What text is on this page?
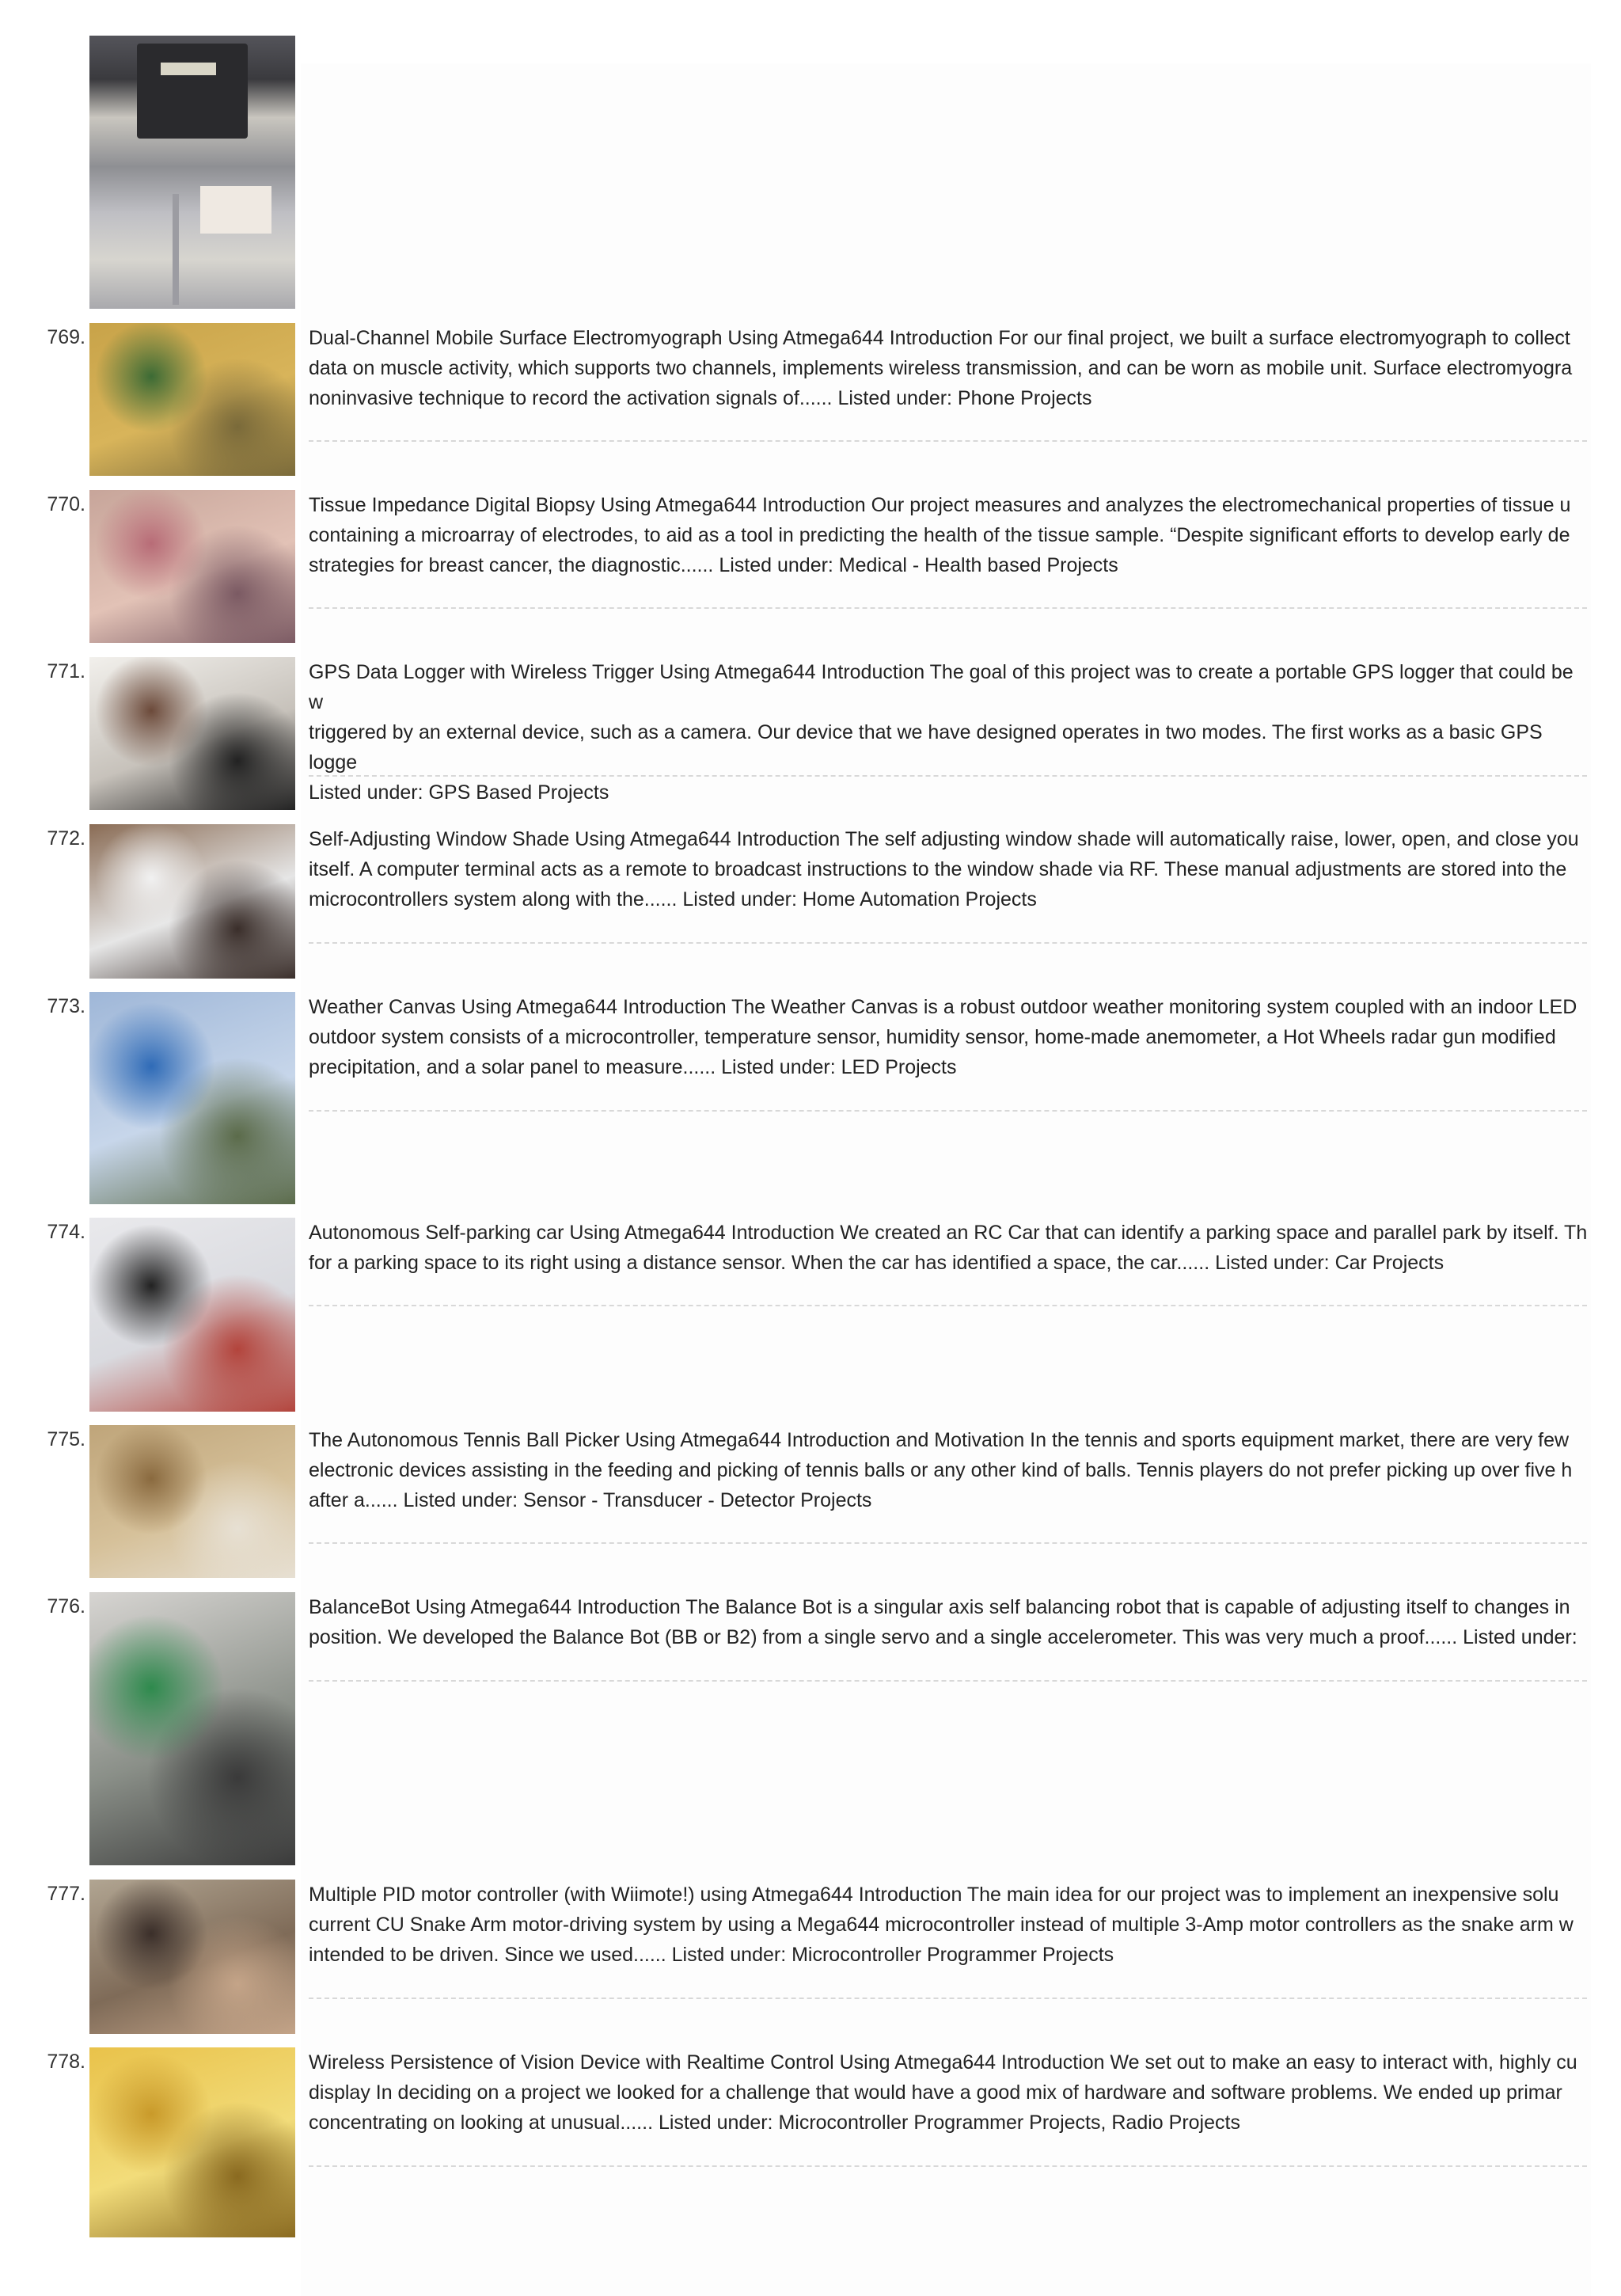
769.	Dual-Channel Mobile Surface Electromyograph Using Atmega644 Introduction For our final project, we built a surface electromyograph to collect
data on muscle activity, which supports two channels, implements wireless transmission, and can be worn as mobile unit. Surface electromyogra
noninvasive technique to record the activation signals of...... Listed under: Phone Projects
770.	Tissue Impedance Digital Biopsy Using Atmega644 Introduction Our project measures and analyzes the electromechanical properties of tissue u
containing a microarray of electrodes, to aid as a tool in predicting the health of the tissue sample. “Despite significant efforts to develop early de
strategies for breast cancer, the diagnostic...... Listed under: Medical - Health based Projects
771.	GPS Data Logger with Wireless Trigger Using Atmega644 Introduction The goal of this project was to create a portable GPS logger that could be w
triggered by an external device, such as a camera. Our device that we have designed operates in two modes. The first works as a basic GPS logge
Listed under: GPS Based Projects
772.	Self-Adjusting Window Shade Using Atmega644 Introduction The self adjusting window shade will automatically raise, lower, open, and close you
itself. A computer terminal acts as a remote to broadcast instructions to the window shade via RF. These manual adjustments are stored into the
microcontrollers system along with the...... Listed under: Home Automation Projects
773.	Weather Canvas Using Atmega644 Introduction The Weather Canvas is a robust outdoor weather monitoring system coupled with an indoor LED
outdoor system consists of a microcontroller, temperature sensor, humidity sensor, home-made anemometer, a Hot Wheels radar gun modified
precipitation, and a solar panel to measure...... Listed under: LED Projects
774.	Autonomous Self-parking car Using Atmega644 Introduction We created an RC Car that can identify a parking space and parallel park by itself. Th
for a parking space to its right using a distance sensor. When the car has identified a space, the car...... Listed under: Car Projects
775.	The Autonomous Tennis Ball Picker Using Atmega644 Introduction and Motivation In the tennis and sports equipment market, there are very few
electronic devices assisting in the feeding and picking of tennis balls or any other kind of balls. Tennis players do not prefer picking up over five h
after a...... Listed under: Sensor - Transducer - Detector Projects
776.	BalanceBot Using Atmega644 Introduction The Balance Bot is a singular axis self balancing robot that is capable of adjusting itself to changes in
position. We developed the Balance Bot (BB or B2) from a single servo and a single accelerometer. This was very much a proof...... Listed under:
777.	Multiple PID motor controller (with Wiimote!) using Atmega644 Introduction The main idea for our project was to implement an inexpensive solu
current CU Snake Arm motor-driving system by using a Mega644 microcontroller instead of multiple 3-Amp motor controllers as the snake arm w
intended to be driven. Since we used...... Listed under: Microcontroller Programmer Projects
778.	Wireless Persistence of Vision Device with Realtime Control Using Atmega644 Introduction We set out to make an easy to interact with, highly cu
display In deciding on a project we looked for a challenge that would have a good mix of hardware and software problems. We ended up primar
concentrating on looking at unusual...... Listed under: Microcontroller Programmer Projects, Radio Projects
